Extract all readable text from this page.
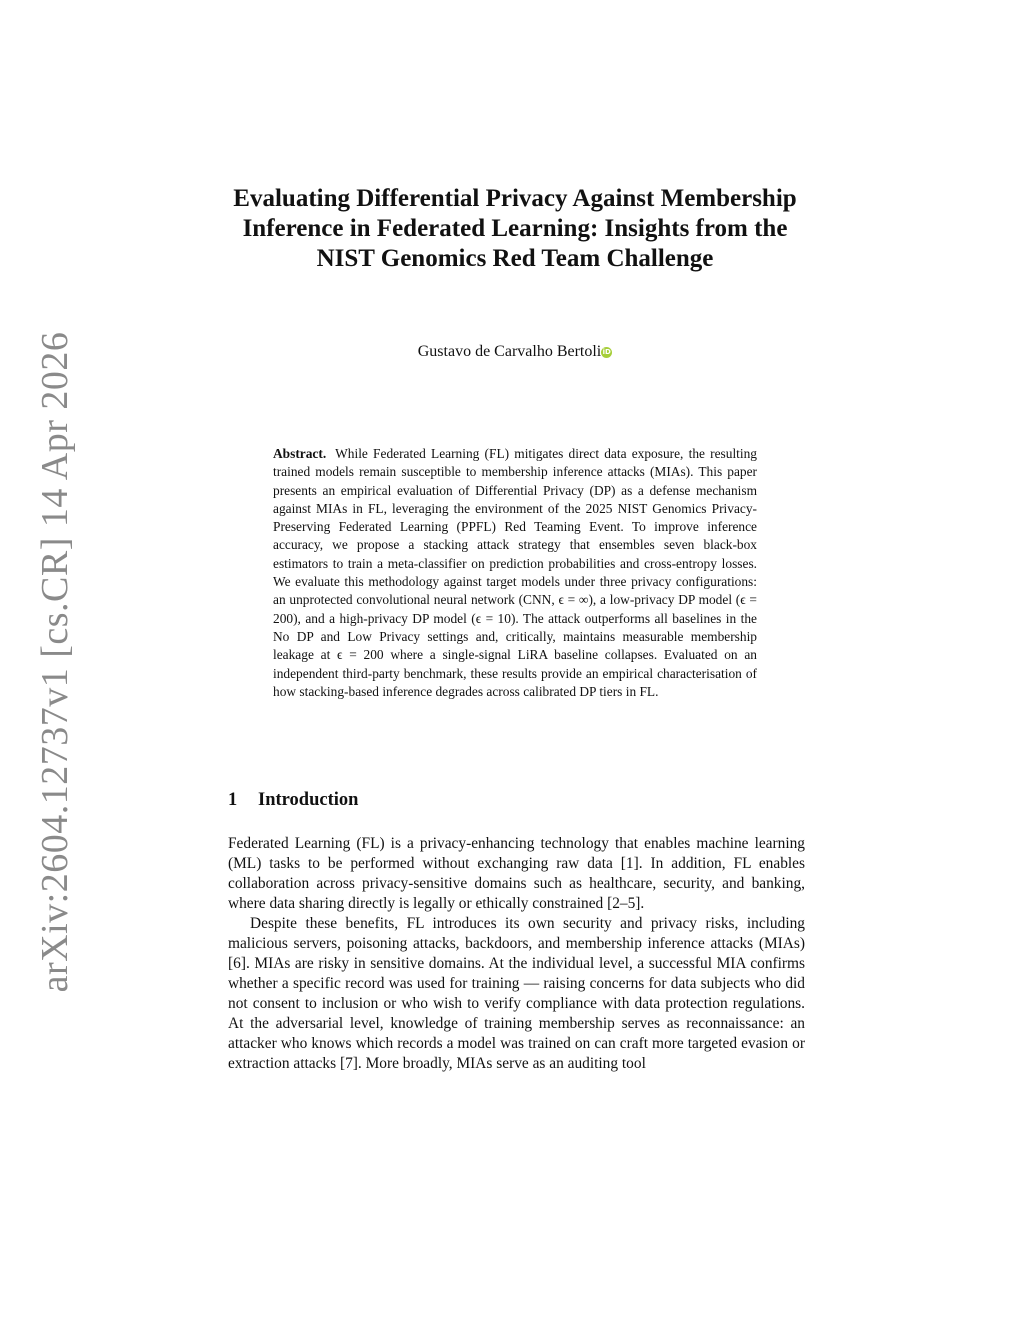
arXiv:2604.12737v1 [cs.CR] 14 Apr 2026
Evaluating Differential Privacy Against Membership Inference in Federated Learning: Insights from the NIST Genomics Red Team Challenge
Gustavo de Carvalho BertoliiD
Abstract. While Federated Learning (FL) mitigates direct data exposure, the resulting trained models remain susceptible to membership inference attacks (MIAs). This paper presents an empirical evaluation of Differential Privacy (DP) as a defense mechanism against MIAs in FL, leveraging the environment of the 2025 NIST Genomics Privacy-Preserving Federated Learning (PPFL) Red Teaming Event. To improve inference accuracy, we propose a stacking attack strategy that ensembles seven black-box estimators to train a meta-classifier on prediction probabilities and cross-entropy losses. We evaluate this methodology against target models under three privacy configurations: an unprotected convolutional neural network (CNN, ϵ = ∞), a low-privacy DP model (ϵ = 200), and a high-privacy DP model (ϵ = 10). The attack outperforms all baselines in the No DP and Low Privacy settings and, critically, maintains measurable membership leakage at ϵ = 200 where a single-signal LiRA baseline collapses. Evaluated on an independent third-party benchmark, these results provide an empirical characterisation of how stacking-based inference degrades across calibrated DP tiers in FL.
1 Introduction

Federated Learning (FL) is a privacy-enhancing technology that enables machine learning (ML) tasks to be performed without exchanging raw data [1]. In addition, FL enables collaboration across privacy-sensitive domains such as healthcare, security, and banking, where data sharing directly is legally or ethically constrained [2–5].

Despite these benefits, FL introduces its own security and privacy risks, including malicious servers, poisoning attacks, backdoors, and membership inference attacks (MIAs) [6]. MIAs are risky in sensitive domains. At the individual level, a successful MIA confirms whether a specific record was used for training — raising concerns for data subjects who did not consent to inclusion or who wish to verify compliance with data protection regulations. At the adversarial level, knowledge of training membership serves as reconnaissance: an attacker who knows which records a model was trained on can craft more targeted evasion or extraction attacks [7]. More broadly, MIAs serve as an auditing tool
